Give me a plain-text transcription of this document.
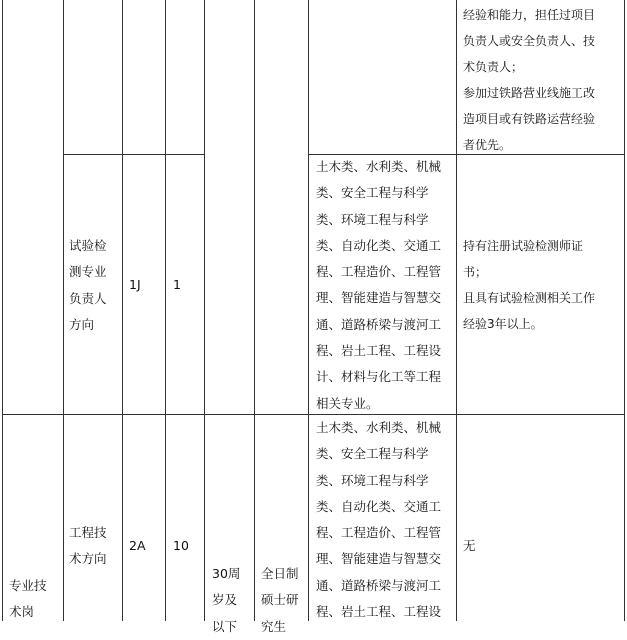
经验和能力，担任过项目
负责人或安全负责人、技
术负责人；
参加过铁路营业线施工改
造项目或有铁路运营经验
者优先。
试验检
测专业
负责人
方向
1J	1
土木类、水利类、机械
类、安全工程与科学
类、环境工程与科学
类、自动化类、交通工
程、工程造价、工程管
理、智能建造与智慧交
通、道路桥梁与渡河工
程、岩土工程、工程设
计、材料与化工等工程
相关专业。
持有注册试验检测师证
书；
且具有试验检测相关工作
经验3年以上。
专业技
术岗
工程技
术方向
2A	10
30周
岁及
以下
全日制
硕士研
究生
土木类、水利类、机械
类、安全工程与科学
类、环境工程与科学
类、自动化类、交通工
程、工程造价、工程管
理、智能建造与智慧交
通、道路桥梁与渡河工
程、岩土工程、工程设
无
